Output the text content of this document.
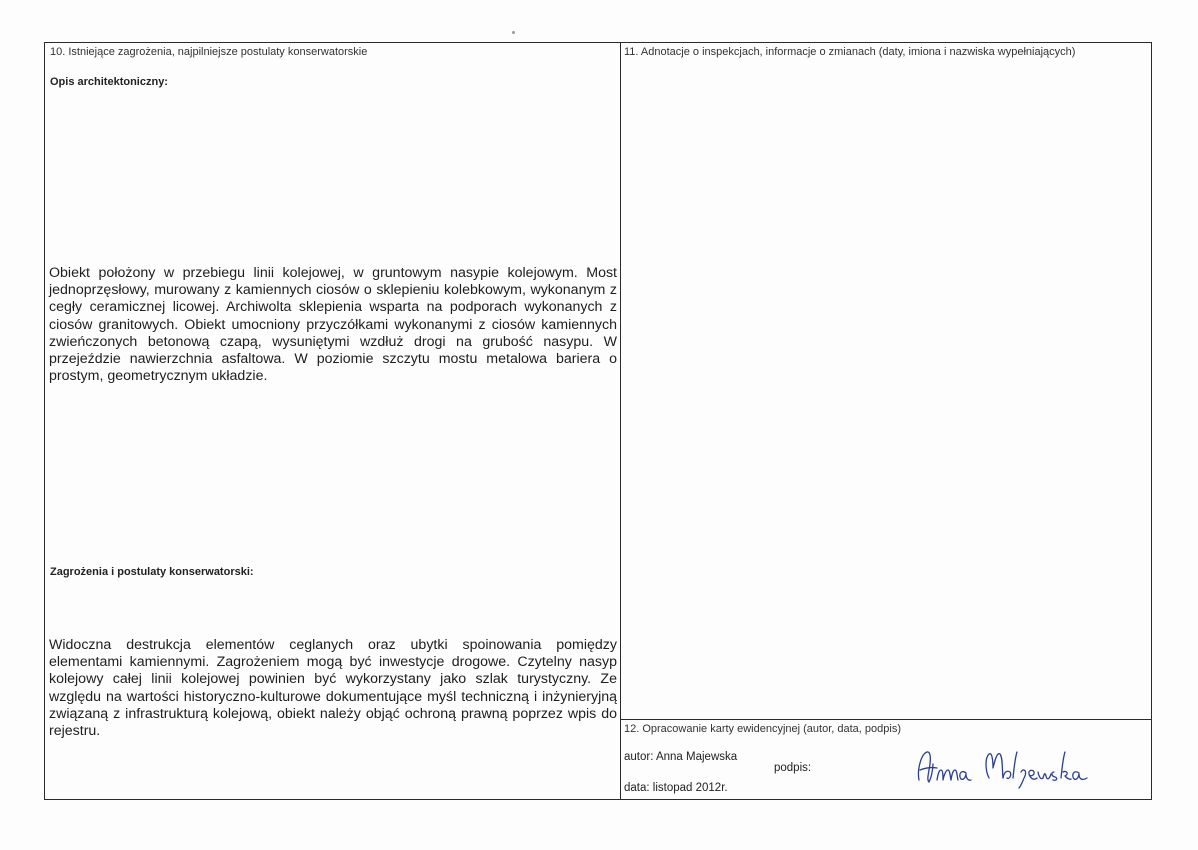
10. Istniejące zagrożenia, najpilniejsze postulaty konserwatorskie
Opis architektoniczny:
Obiekt położony w przebiegu linii kolejowej, w gruntowym nasypie kolejowym. Most jednoprzęsłowy, murowany z kamiennych ciosów o sklepieniu kolebkowym, wykonanym z cegły ceramicznej licowej. Archiwolta sklepienia wsparta na podporach wykonanych z ciosów granitowych. Obiekt umocniony przyczółkami wykonanymi z ciosów kamiennych zwieńczonych betonową czapą, wysuniętymi wzdłuż drogi na grubość nasypu. W przejeździe nawierzchnia asfaltowa. W poziomie szczytu mostu metalowa bariera o prostym, geometrycznym układzie.
Zagrożenia i postulaty konserwatorski:
Widoczna destrukcja elementów ceglanych oraz ubytki spoinowania pomiędzy elementami kamiennymi. Zagrożeniem mogą być inwestycje drogowe. Czytelny nasyp kolejowy całej linii kolejowej powinien być wykorzystany jako szlak turystyczny. Ze względu na wartości historyczno-kulturowe dokumentujące myśl techniczną i inżynieryjną związaną z infrastrukturą kolejową, obiekt należy objąć ochroną prawną poprzez wpis do rejestru.
11. Adnotacje o inspekcjach, informacje o zmianach (daty, imiona i nazwiska wypełniających)
12. Opracowanie karty ewidencyjnej (autor, data, podpis)
autor: Anna Majewska
podpis:
data: listopad 2012r.
